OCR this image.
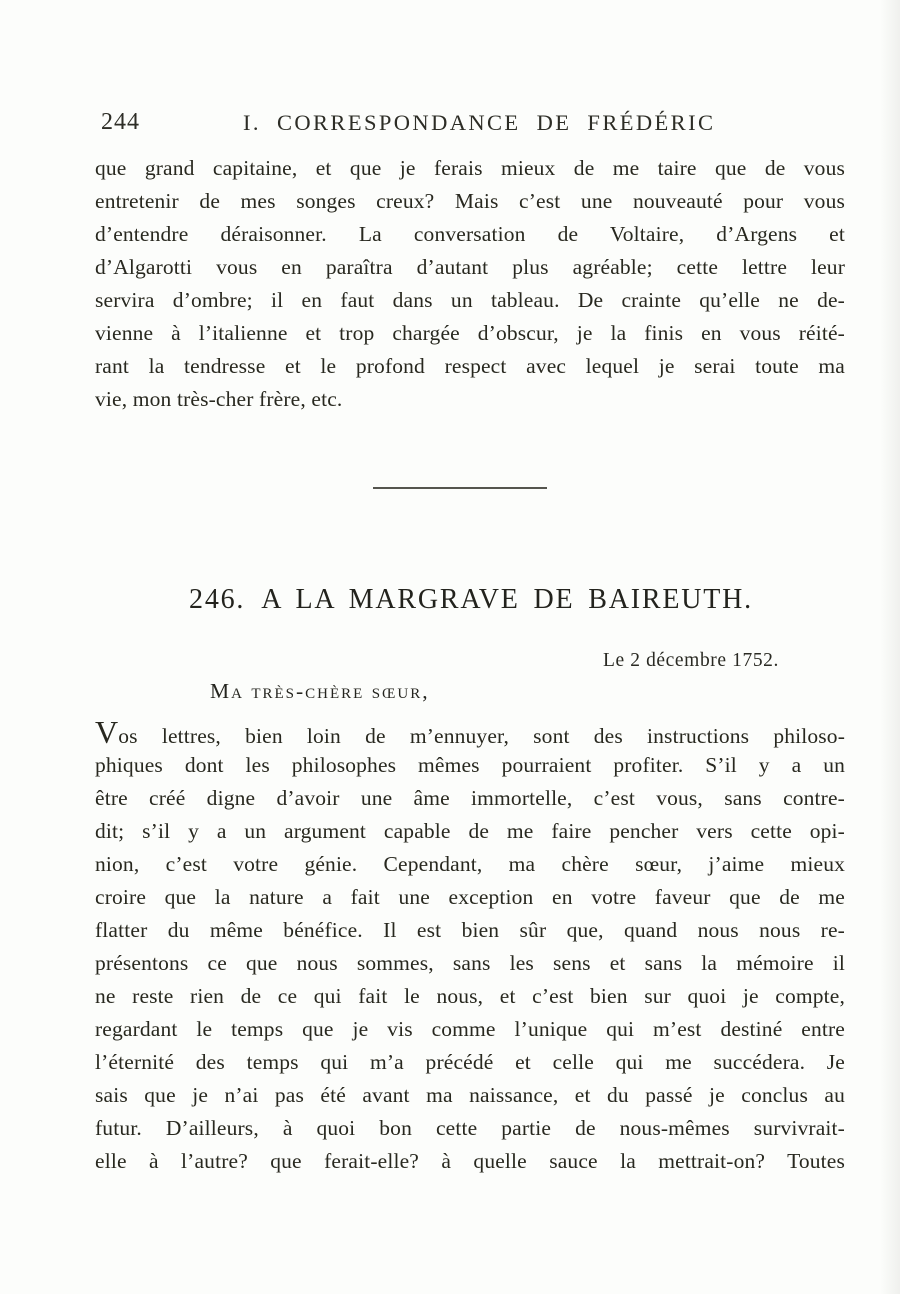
244	I. CORRESPONDANCE DE FRÉDÉRIC
que grand capitaine, et que je ferais mieux de me taire que de vous
entretenir de mes songes creux? Mais c’est une nouveauté pour vous
d’entendre déraisonner. La conversation de Voltaire, d’Argens et
d’Algarotti vous en paraîtra d’autant plus agréable; cette lettre leur
servira d’ombre; il en faut dans un tableau. De crainte qu’elle ne de-
vienne à l’italienne et trop chargée d’obscur, je la finis en vous réité-
rant la tendresse et le profond respect avec lequel je serai toute ma
vie, mon très-cher frère, etc.
246. A LA MARGRAVE DE BAIREUTH.
Le 2 décembre 1752.
Ma très-chère sœur,
Vos lettres, bien loin de m’ennuyer, sont des instructions philoso-
phiques dont les philosophes mêmes pourraient profiter. S’il y a un
être créé digne d’avoir une âme immortelle, c’est vous, sans contre-
dit; s’il y a un argument capable de me faire pencher vers cette opi-
nion, c’est votre génie. Cependant, ma chère sœur, j’aime mieux
croire que la nature a fait une exception en votre faveur que de me
flatter du même bénéfice. Il est bien sûr que, quand nous nous re-
présentons ce que nous sommes, sans les sens et sans la mémoire il
ne reste rien de ce qui fait le nous, et c’est bien sur quoi je compte,
regardant le temps que je vis comme l’unique qui m’est destiné entre
l’éternité des temps qui m’a précédé et celle qui me succédera. Je
sais que je n’ai pas été avant ma naissance, et du passé je conclus au
futur. D’ailleurs, à quoi bon cette partie de nous-mêmes survivrait-
elle à l’autre? que ferait-elle? à quelle sauce la mettrait-on? Toutes
